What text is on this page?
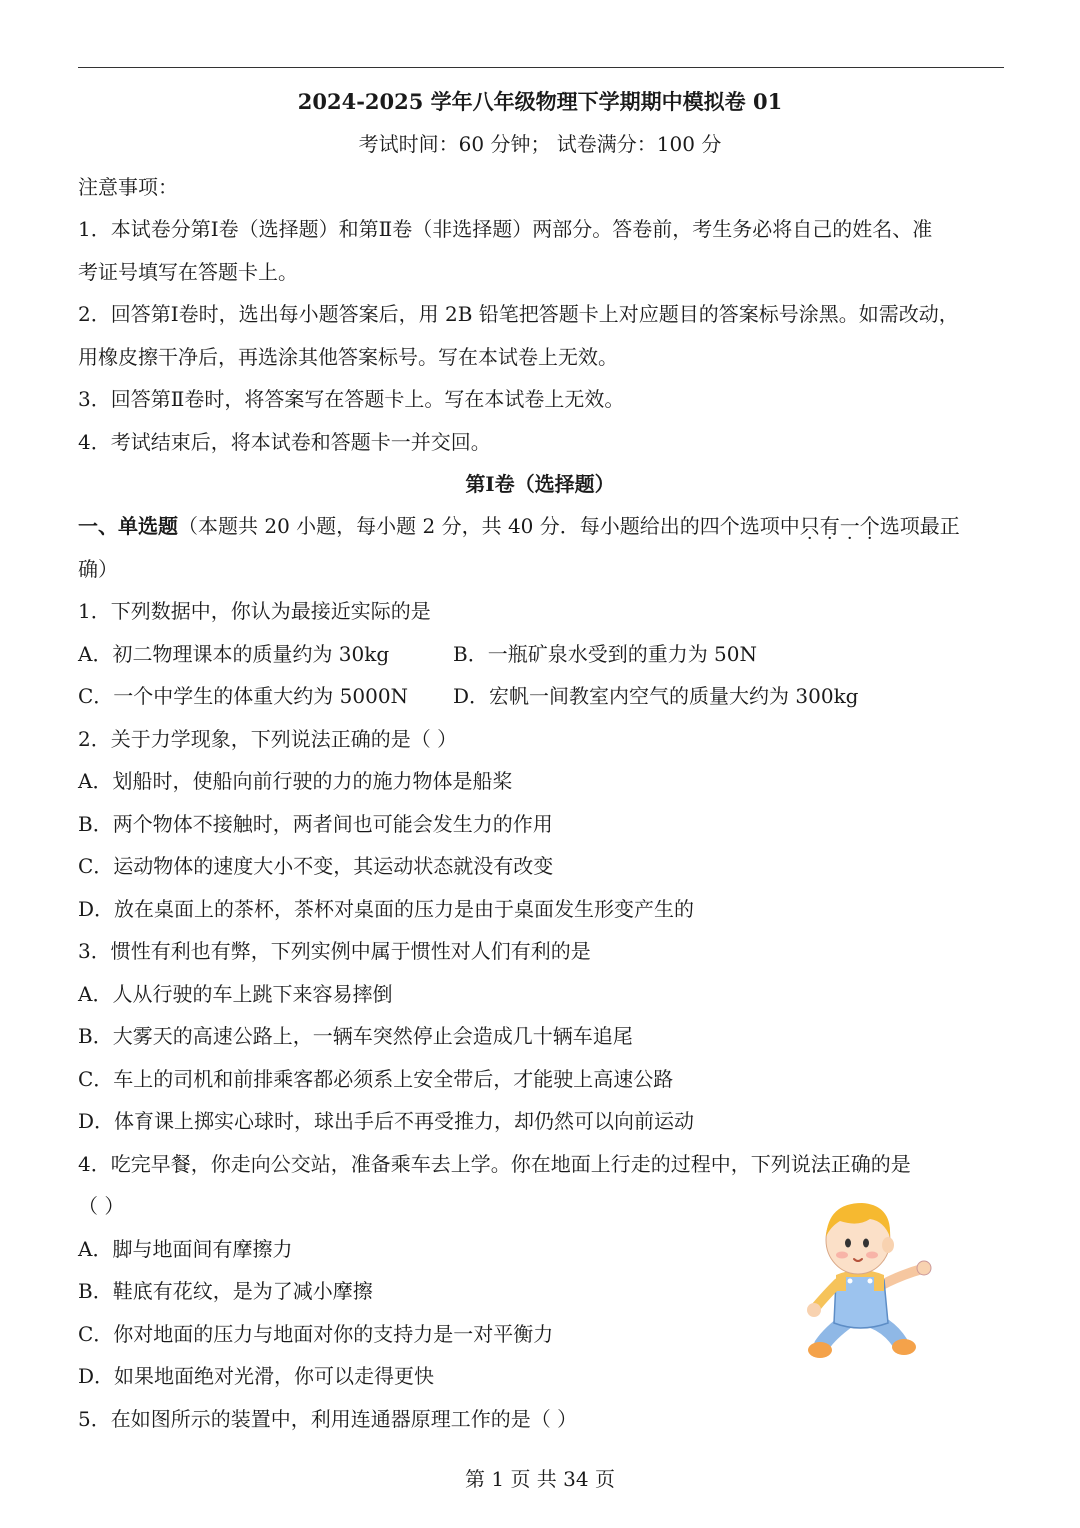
2024-2025 学年八年级物理下学期期中模拟卷 01
考试时间：60 分钟； 试卷满分：100 分
注意事项：
1．本试卷分第Ⅰ卷（选择题）和第Ⅱ卷（非选择题）两部分。答卷前，考生务必将自己的姓名、准
考证号填写在答题卡上。
2．回答第Ⅰ卷时，选出每小题答案后，用 2B 铅笔把答题卡上对应题目的答案标号涂黑。如需改动，
用橡皮擦干净后，再选涂其他答案标号。写在本试卷上无效。
3．回答第Ⅱ卷时，将答案写在答题卡上。写在本试卷上无效。
4．考试结束后，将本试卷和答题卡一并交回。
第Ⅰ卷（选择题）
一、单选题（本题共 20 小题，每小题 2 分，共 40 分．每小题给出的四个选项中只有一个选项最正
确）
1．下列数据中，你认为最接近实际的是
A．初二物理课本的质量约为 30kg	B．一瓶矿泉水受到的重力为 50N
C．一个中学生的体重大约为 5000N D．宏帆一间教室内空气的质量大约为 300kg
2．关于力学现象，下列说法正确的是（ ）
A．划船时，使船向前行驶的力的施力物体是船桨
B．两个物体不接触时，两者间也可能会发生力的作用
C．运动物体的速度大小不变，其运动状态就没有改变
D．放在桌面上的茶杯，茶杯对桌面的压力是由于桌面发生形变产生的
3．惯性有利也有弊，下列实例中属于惯性对人们有利的是
A．人从行驶的车上跳下来容易摔倒
B．大雾天的高速公路上，一辆车突然停止会造成几十辆车追尾
C．车上的司机和前排乘客都必须系上安全带后，才能驶上高速公路
D．体育课上掷实心球时，球出手后不再受推力，却仍然可以向前运动
4．吃完早餐，你走向公交站，准备乘车去上学。你在地面上行走的过程中，下列说法正确的是
（ ）
A．脚与地面间有摩擦力
B．鞋底有花纹，是为了减小摩擦
C．你对地面的压力与地面对你的支持力是一对平衡力
D．如果地面绝对光滑，你可以走得更快
5．在如图所示的装置中，利用连通器原理工作的是（ ）
第 1 页 共 34 页
